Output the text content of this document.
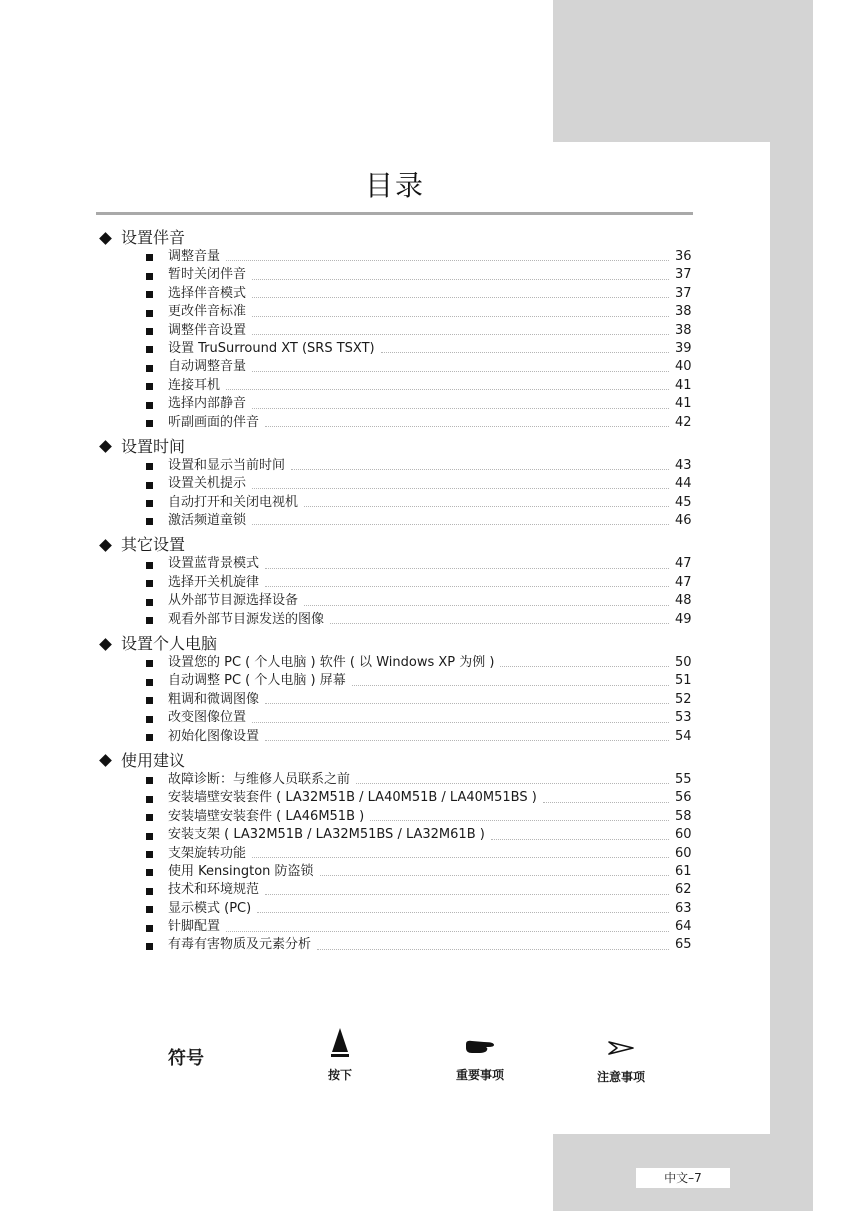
目录
设置伴音
调整音量	36
暂时关闭伴音	37
选择伴音模式	37
更改伴音标准	38
调整伴音设置	38
设置 TruSurround XT (SRS TSXT)	39
自动调整音量	40
连接耳机	41
选择内部静音	41
听副画面的伴音	42
设置时间
设置和显示当前时间	43
设置关机提示	44
自动打开和关闭电视机	45
激活频道童锁	46
其它设置
设置蓝背景模式	47
选择开关机旋律	47
从外部节目源选择设备	48
观看外部节目源发送的图像	49
设置个人电脑
设置您的 PC ( 个人电脑 ) 软件 ( 以 Windows XP 为例 )	50
自动调整 PC ( 个人电脑 ) 屏幕	51
粗调和微调图像	52
改变图像位置	53
初始化图像设置	54
使用建议
故障诊断：与维修人员联系之前	55
安装墙壁安装套件 ( LA32M51B / LA40M51B / LA40M51BS )	56
安装墙壁安装套件 ( LA46M51B )	58
安装支架 ( LA32M51B / LA32M51BS / LA32M61B )	60
支架旋转功能	60
使用 Kensington 防盗锁	61
技术和环境规范	62
显示模式 (PC)	63
针脚配置	64
有毒有害物质及元素分析	65
符号
按下	重要事项	注意事项
中文–7
